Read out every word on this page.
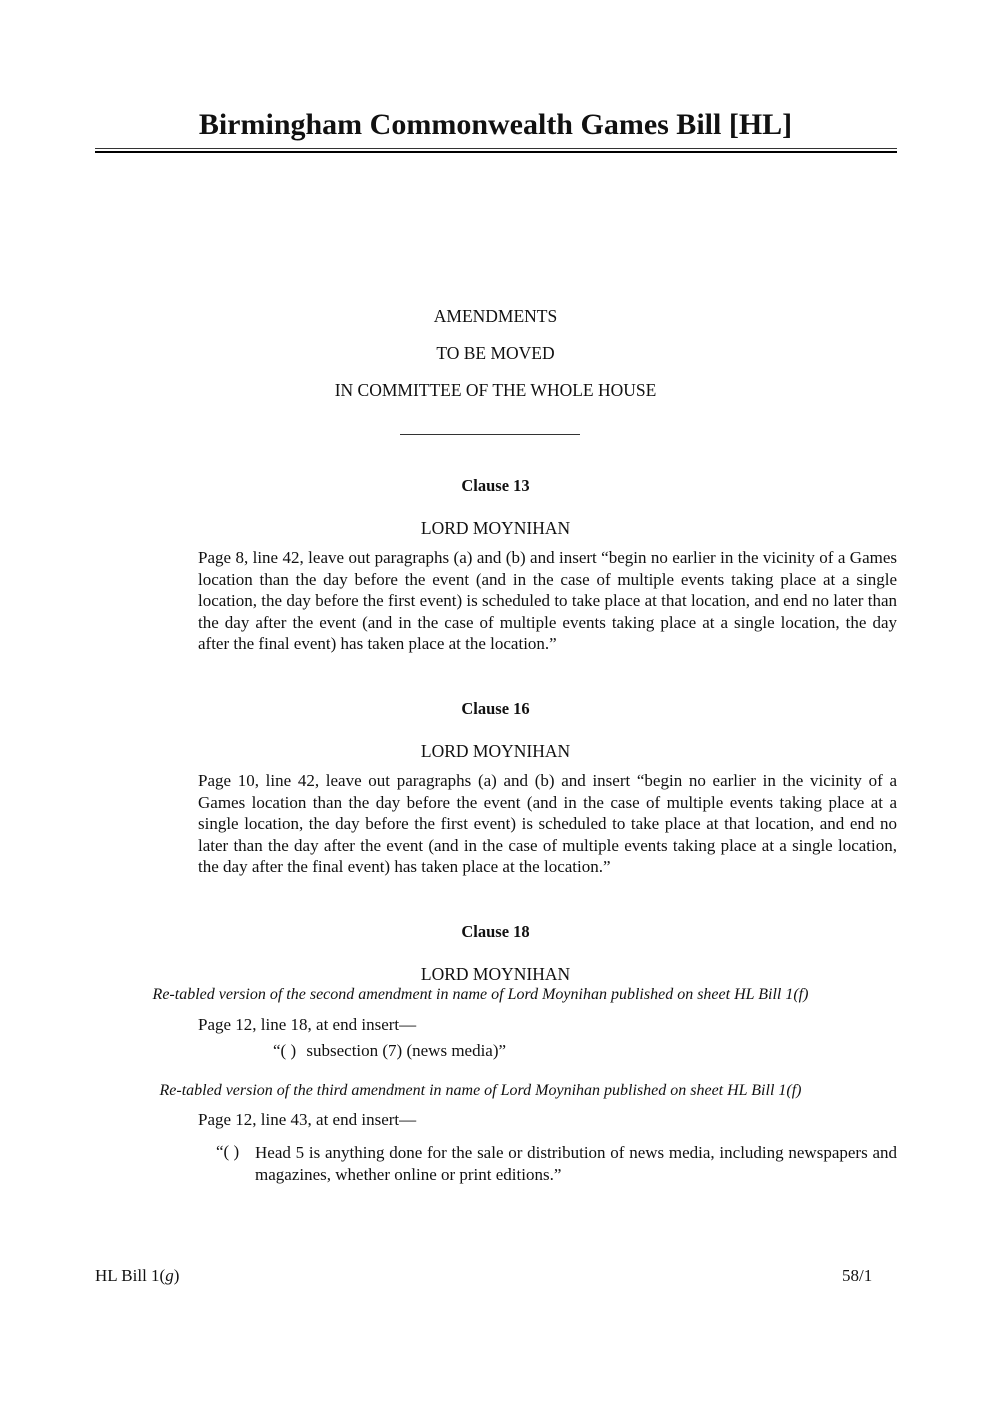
Birmingham Commonwealth Games Bill [HL]
AMENDMENTS
TO BE MOVED
IN COMMITTEE OF THE WHOLE HOUSE
Clause 13
LORD MOYNIHAN
Page 8, line 42, leave out paragraphs (a) and (b) and insert “begin no earlier in the vicinity of a Games location than the day before the event (and in the case of multiple events taking place at a single location, the day before the first event) is scheduled to take place at that location, and end no later than the day after the event (and in the case of multiple events taking place at a single location, the day after the final event) has taken place at the location.”
Clause 16
LORD MOYNIHAN
Page 10, line 42, leave out paragraphs (a) and (b) and insert “begin no earlier in the vicinity of a Games location than the day before the event (and in the case of multiple events taking place at a single location, the day before the first event) is scheduled to take place at that location, and end no later than the day after the event (and in the case of multiple events taking place at a single location, the day after the final event) has taken place at the location.”
Clause 18
LORD MOYNIHAN
Re-tabled version of the second amendment in name of Lord Moynihan published on sheet HL Bill 1(f)
Page 12, line 18, at end insert—
“( ) subsection (7) (news media)”
Re-tabled version of the third amendment in name of Lord Moynihan published on sheet HL Bill 1(f)
Page 12, line 43, at end insert—
“( ) Head 5 is anything done for the sale or distribution of news media, including newspapers and magazines, whether online or print editions.”
HL Bill 1(g)	58/1
